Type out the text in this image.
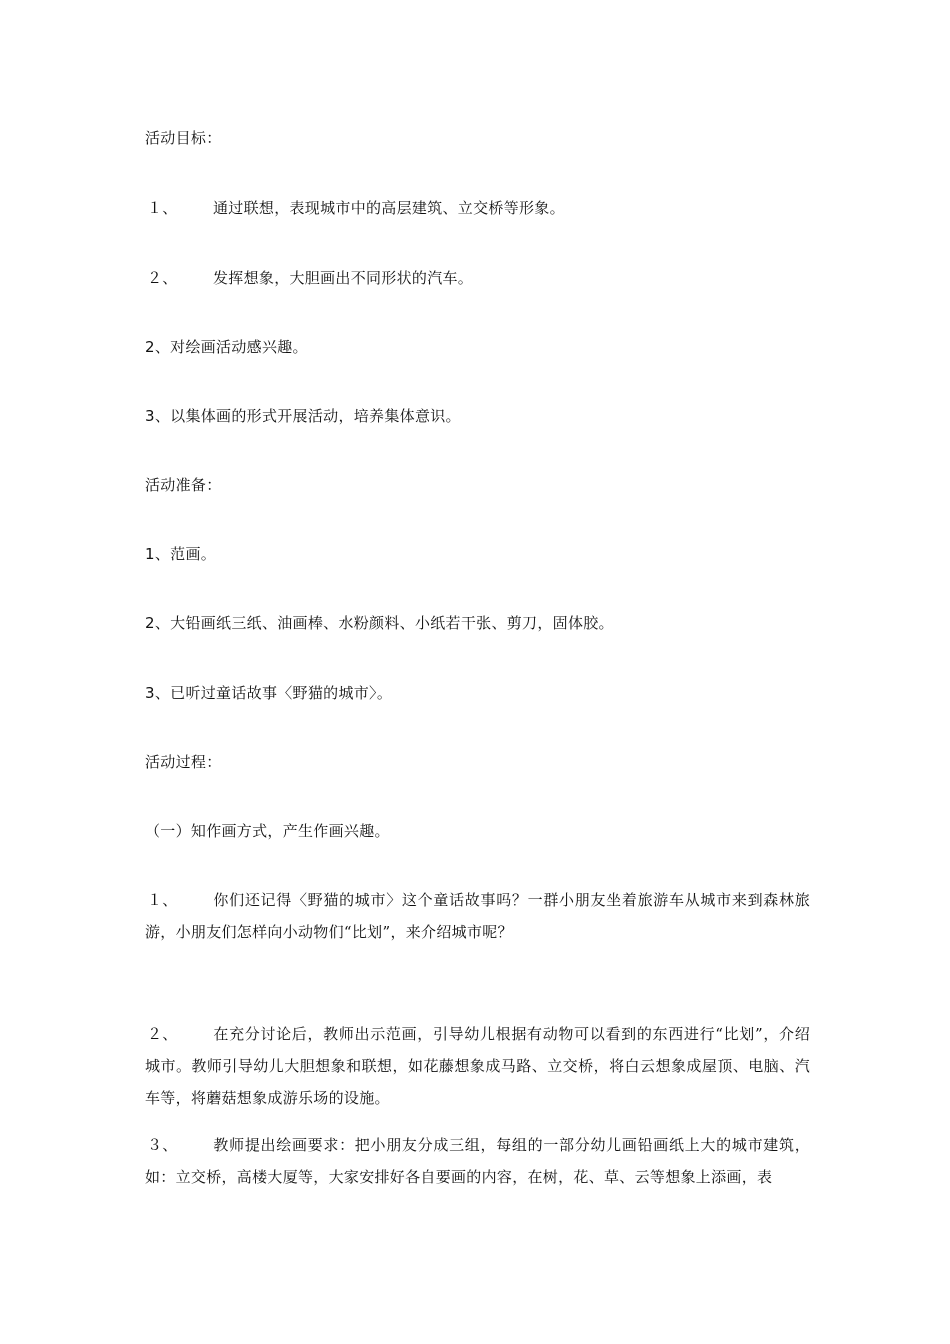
活动目标：
１、 通过联想，表现城市中的高层建筑、立交桥等形象。
２、 发挥想象，大胆画出不同形状的汽车。
2、对绘画活动感兴趣。
3、以集体画的形式开展活动，培养集体意识。
活动准备：
1、范画。
2、大铅画纸三纸、油画棒、水粉颜料、小纸若干张、剪刀，固体胶。
3、已听过童话故事〈野猫的城市〉。
活动过程：
（一）知作画方式，产生作画兴趣。
１、 你们还记得〈野猫的城市〉这个童话故事吗？一群小朋友坐着旅游车从城市来到森林旅游，小朋友们怎样向小动物们“比划”，来介绍城市呢？
２、 在充分讨论后，教师出示范画，引导幼儿根据有动物可以看到的东西进行“比划”，介绍城市。教师引导幼儿大胆想象和联想，如花藤想象成马路、立交桥，将白云想象成屋顶、电脑、汽车等，将蘑菇想象成游乐场的设施。
３、 教师提出绘画要求：把小朋友分成三组，每组的一部分幼儿画铅画纸上大的城市建筑，如：立交桥，高楼大厦等，大家安排好各自要画的内容，在树，花、草、云等想象上添画，表
